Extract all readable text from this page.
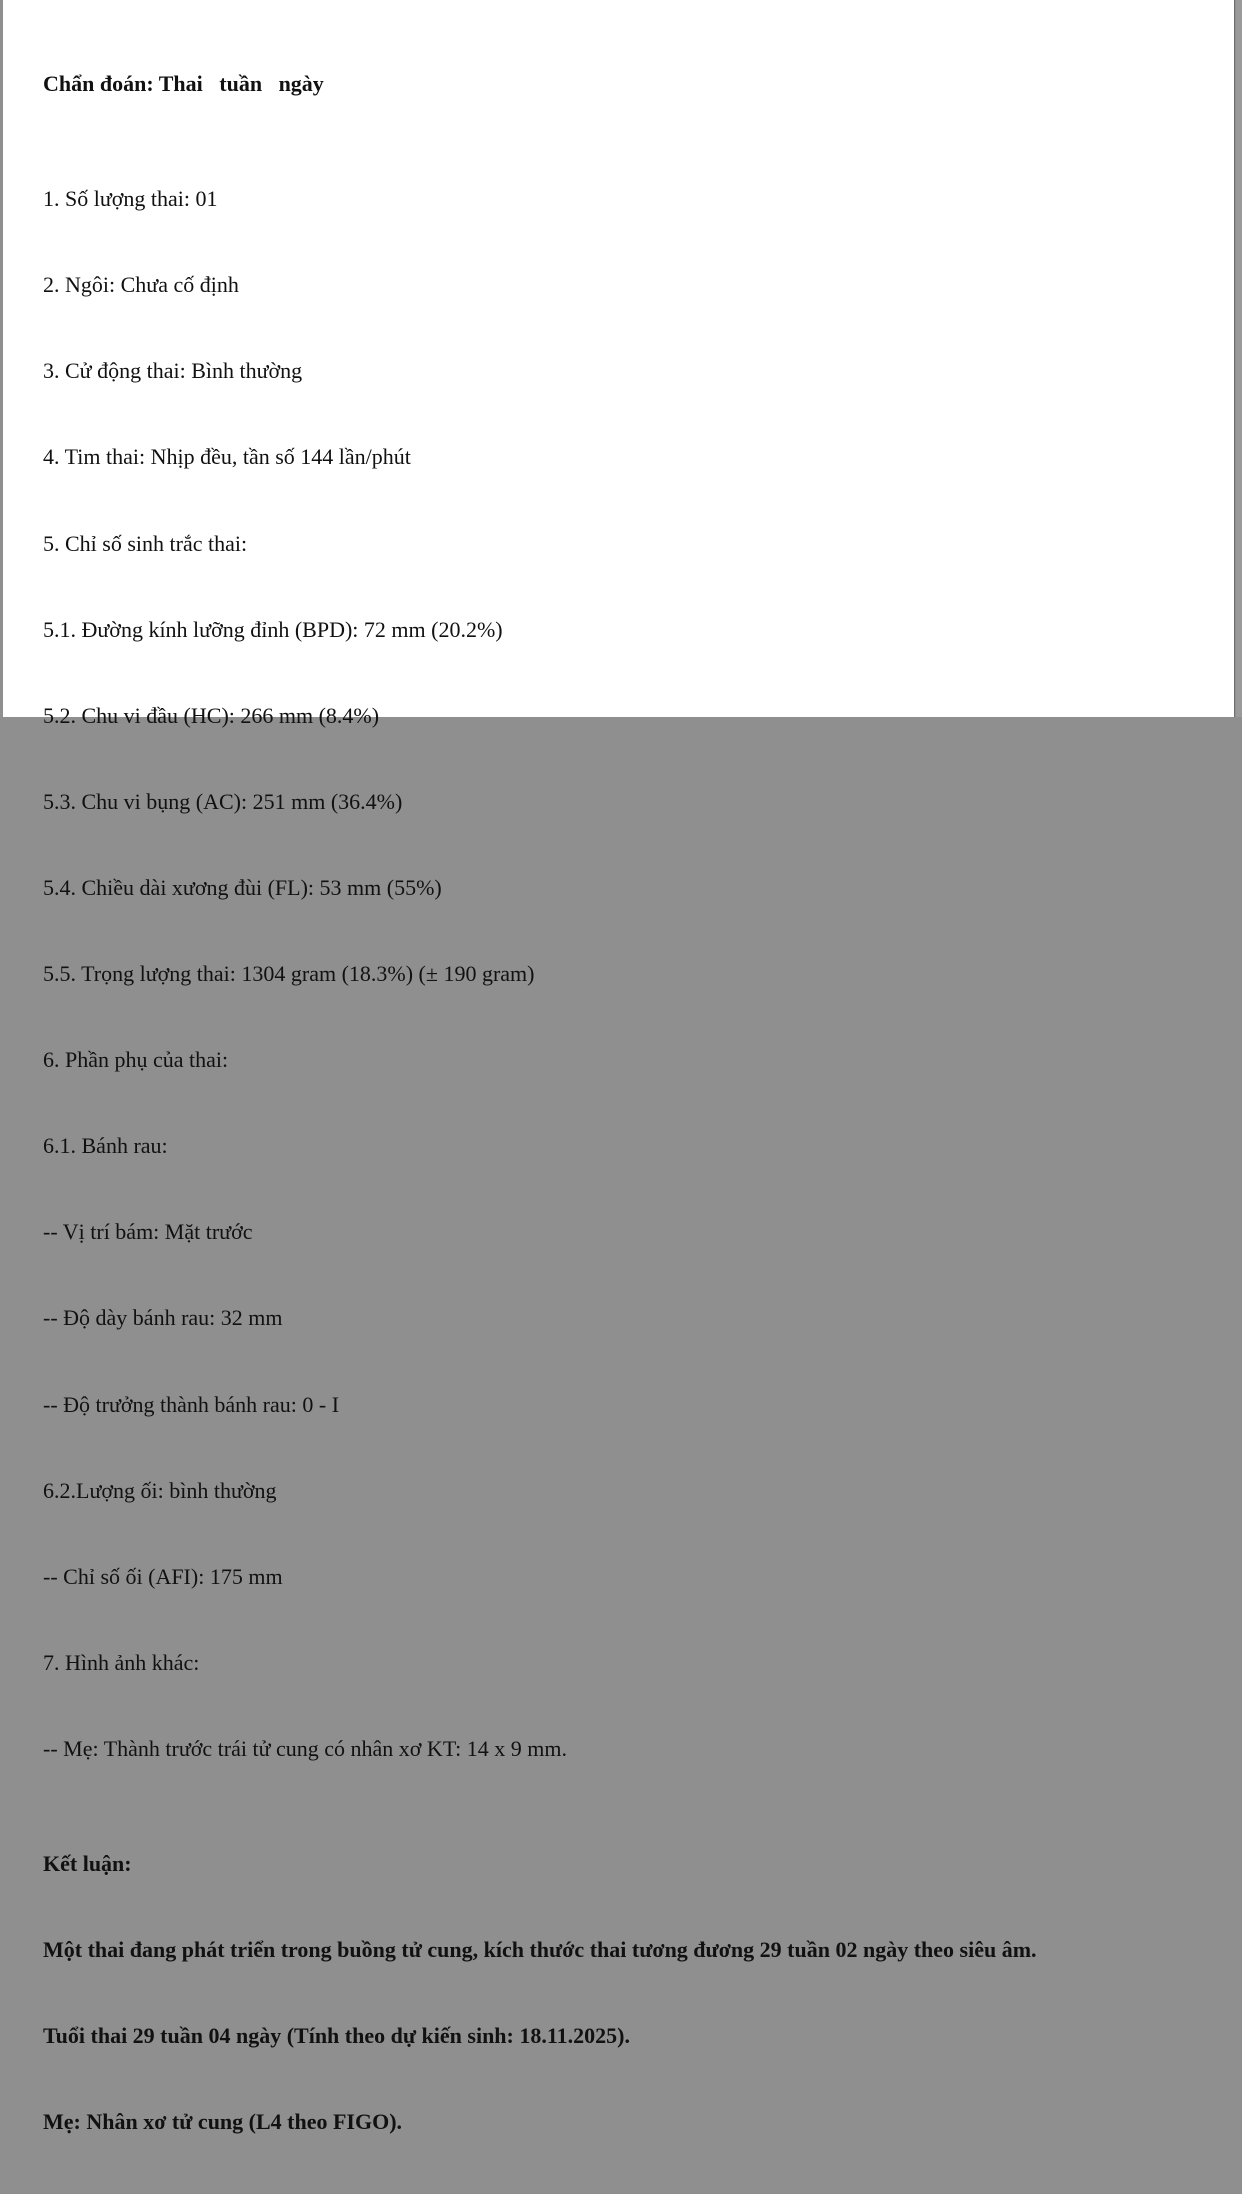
Chẩn đoán: Thai   tuần   ngày

1. Số lượng thai: 01

2. Ngôi: Chưa cố định

3. Cử động thai: Bình thường

4. Tim thai: Nhịp đều, tần số 144 lần/phút

5. Chỉ số sinh trắc thai:

5.1. Đường kính lưỡng đỉnh (BPD): 72 mm (20.2%)

5.2. Chu vi đầu (HC): 266 mm (8.4%)

5.3. Chu vi bụng (AC): 251 mm (36.4%)

5.4. Chiều dài xương đùi (FL): 53 mm (55%)

5.5. Trọng lượng thai: 1304 gram (18.3%) (± 190 gram)

6. Phần phụ của thai:

6.1. Bánh rau:

-- Vị trí bám: Mặt trước

-- Độ dày bánh rau: 32 mm

-- Độ trưởng thành bánh rau: 0 - I

6.2.Lượng ối: bình thường

-- Chỉ số ối (AFI): 175 mm

7. Hình ảnh khác:

-- Mẹ: Thành trước trái tử cung có nhân xơ KT: 14 x 9 mm.

Kết luận:

Một thai đang phát triển trong buồng tử cung, kích thước thai tương đương 29 tuần 02 ngày theo siêu âm.

Tuổi thai 29 tuần 04 ngày (Tính theo dự kiến sinh: 18.11.2025).

Mẹ: Nhân xơ tử cung (L4 theo FIGO).
